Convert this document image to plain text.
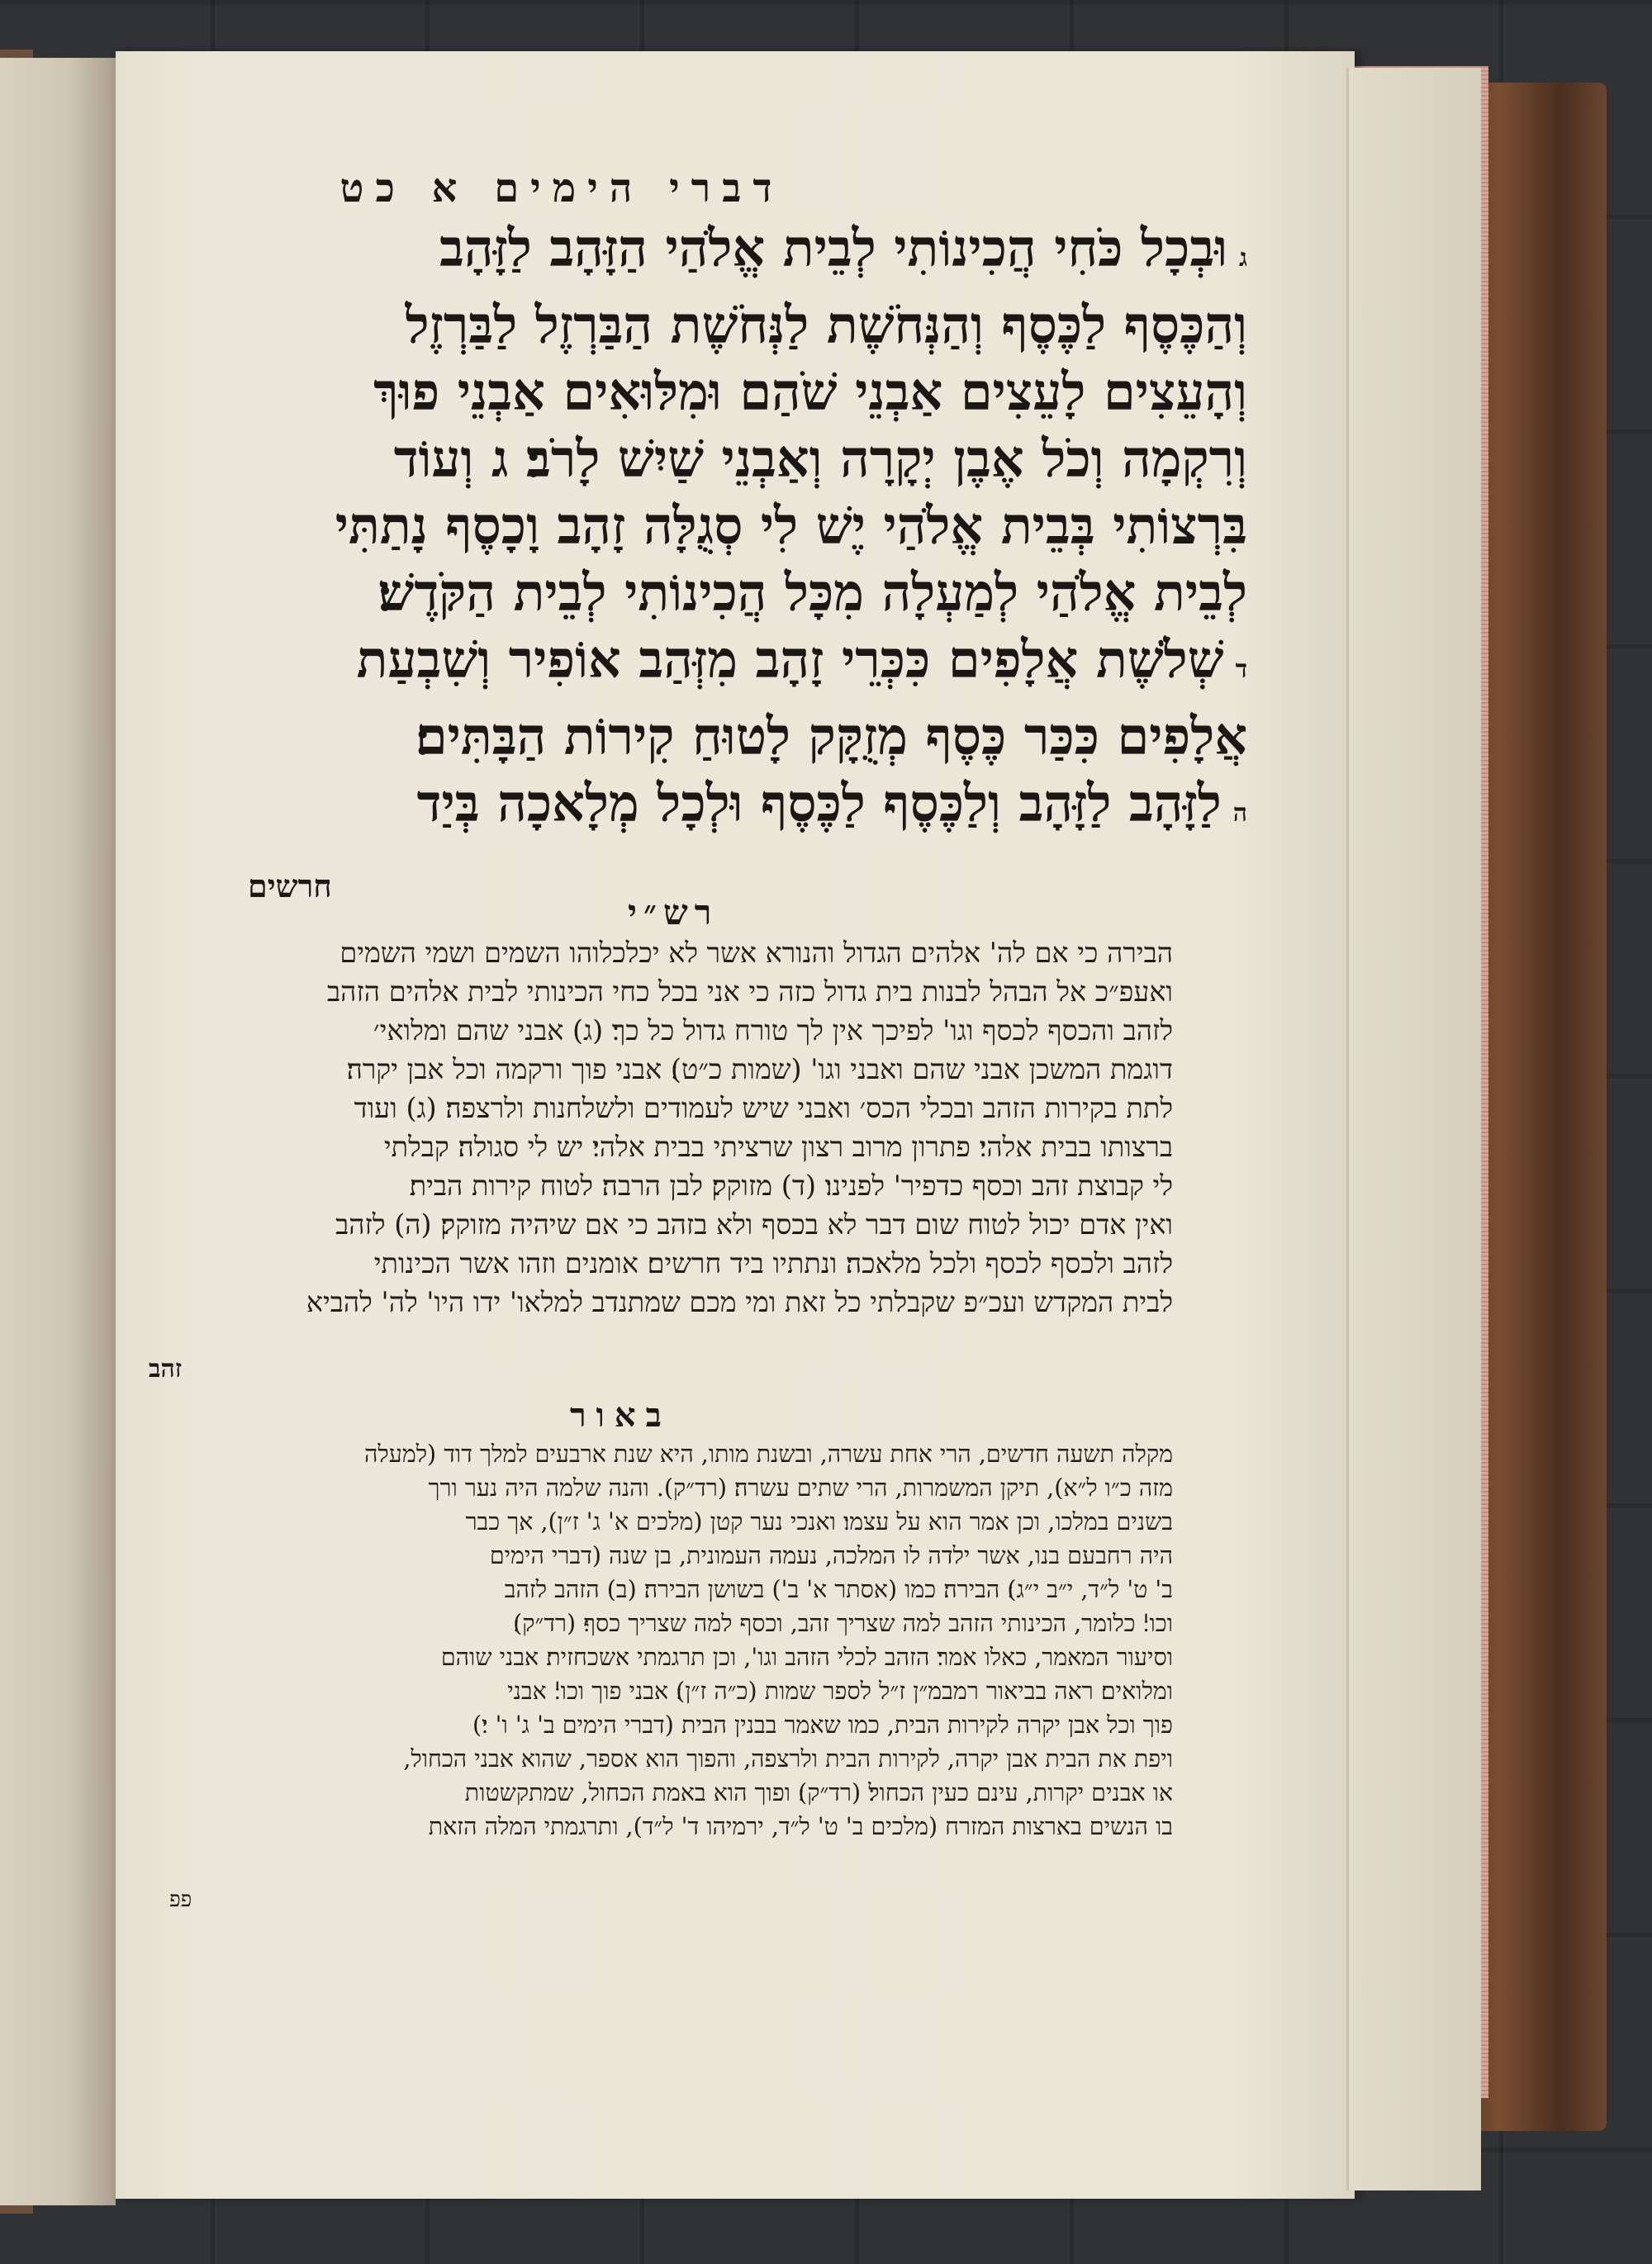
דברי הימים א כט
גוּבְכָל כֹּחִי הֲכִינוֹתִי לְבֵית אֱלֹהַי הַזָּהָב לַזָּהָב
וְהַכֶּסֶף לַכֶּסֶף וְהַנְּחֹשֶׁת לַנְּחֹשֶׁת הַבַּרְזֶל לַבַּרְזֶל
וְהָעֵצִים לָעֵצִים אַבְנֵי שֹׁהַם וּמִלּוּאִים אַבְנֵי פוּךְ
וְרִקְמָה וְכֹל אֶבֶן יְקָרָה וְאַבְנֵי שַׁיִשׁ לָרֹב׃ ג וְעוֹד
בִּרְצוֹתִי בְּבֵית אֱלֹהַי יֶשׁ לִי סְגֻלָּה זָהָב וָכָסֶף נָתַתִּי
לְבֵית אֱלֹהַי לְמַעְלָה מִכָּל הֲכִינוֹתִי לְבֵית הַקֹּדֶשׁ׃
דשְׁלֹשֶׁת אֲלָפִים כִּכְּרֵי זָהָב מִזְּהַב אוֹפִיר וְשִׁבְעַת
אֲלָפִים כִּכַּר כֶּסֶף מְזֻקָּק לָטוּחַ קִירוֹת הַבָּתִּים׃
הלַזָּהָב לַזָּהָב וְלַכֶּסֶף לַכֶּסֶף וּלְכָל מְלָאכָה בְּיַד
חרשים
רש״י
הבירה כי אם לה' אלהים הגדול והנורא אשר לא יכלכלוהו השמים ושמי השמים
ואעפ״כ אל הבהל לבנות בית גדול כזה כי אני בכל כחי הכינותי לבית אלהים הזהב
לזהב והכסף לכסף וגו' לפיכך אין לך טורח גדול כל כך׃ (ג) אבני שהם ומלואי׳
דוגמת המשכן אבני שהם ואבני וגו' (שמות כ״ט)׃ אבני פוך ורקמה וכל אבן יקרה׃
לתת בקירות הזהב ובכלי הכס׳ ואבני שיש לעמודים ולשלחנות ולרצפה׃ (ג) ועוד
ברצותו בבית אלהי׃ פתרון מרוב רצון שרציתי בבית אלהי׃ יש לי סגולה׃ קבלתי
לי קבוצת זהב וכסף כדפיר' לפנינו׃ (ד) מזוקק׃ לבן הרבה׃ לטוח קירות הבית׃
ואין אדם יכול לטוח שום דבר לא בכסף ולא בזהב כי אם שיהיה מזוקק׃ (ה) לזהב
לזהב ולכסף לכסף ולכל מלאכה׃ ונתתיו ביד חרשים׃ אומנים וזהו אשר הכינותי
לבית המקדש ועכ״פ שקבלתי כל זאת ומי מכם שמתנדב למלאו' ידו היו' לה' להביא
זהב
באור
מקלה תשעה חדשים, הרי אחת עשרה, ובשנת מותו, היא שנת ארבעים למלך דוד (למעלה
מזה כ״ו ל״א), תיקן המשמרות, הרי שתים עשרה׃ (רד״ק). והנה שלמה היה נער ורך
בשנים במלכו, וכן אמר הוא על עצמו׃ ואנכי נער קטן (מלכים א' ג' ז״ן), אך כבר
היה רחבעם בנו, אשר ילדה לו המלכה, נעמה העמונית, בן שנה (דברי הימים
ב' ט' ל״ד, י״ב י״ג)׃ הבירה׃ כמו (אסתר א' ב') בשושן הבירה׃ (ב) הזהב לזהב
וכו'׃ כלומר, הכינותי הזהב למה שצריך זהב, וכסף למה שצריך כסף׃ (רד״ק)׃
וסיעור המאמר, כאלו אמר׃ הזהב לכלי הזהב וגו', וכן תרגמתי אשכחזית׃ אבני שוהם
ומלואים׃ ראה בביאור רמבמ״ן ז״ל לספר שמות (כ״ה ז״ן)׃ אבני פוך וכו'׃ אבני
פוך וכל אבן יקרה לקירות הבית, כמו שאמר בבנין הבית (דברי הימים ב' ג' ו' י׃)
ויפת את הבית אבן יקרה, לקירות הבית ולרצפה, והפוך הוא אספר, שהוא אבני הכחול,
או אבנים יקרות, עינם כעין הכחול׃ (רד״ק)׃ ופוך הוא באמת הכחול, שמתקשטות
בו הנשים בארצות המזרח (מלכים ב' ט' ל״ד, ירמיהו ד' ל״ד), ותרגמתי המלה הזאת
פפ
